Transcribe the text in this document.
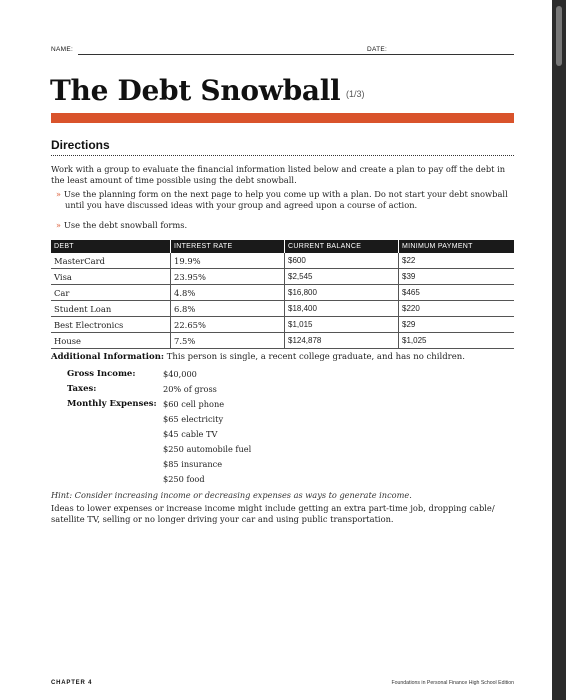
NAME:	DATE:
The Debt Snowball (1/3)
Directions
Work with a group to evaluate the financial information listed below and create a plan to pay off the debt in
the least amount of time possible using the debt snowball.
» Use the planning form on the next page to help you come up with a plan. Do not start your debt snowball
until you have discussed ideas with your group and agreed upon a course of action.
» Use the debt snowball forms.
DEBT	INTEREST RATE	CURRENT BALANCE	MINIMUM PAYMENT
MasterCard	19.9%	$600	$22
Visa	23.95%	$2,545	$39
Car	4.8%	$16,800	$465
Student Loan	6.8%	$18,400	$220
Best Electronics	22.65%	$1,015	$29
House	7.5%	$124,878	$1,025
Additional Information: This person is single, a recent college graduate, and has no children.
Gross Income:	$40,000
Taxes:	20% of gross
Monthly Expenses: $60 cell phone
$65 electricity
$45 cable TV
$250 automobile fuel
$85 insurance
$250 food
Hint: Consider increasing income or decreasing expenses as ways to generate income.
Ideas to lower expenses or increase income might include getting an extra part-time job, dropping cable/
satellite TV, selling or no longer driving your car and using public transportation.
CHAPTER 4	Foundations in Personal Finance High School Edition
